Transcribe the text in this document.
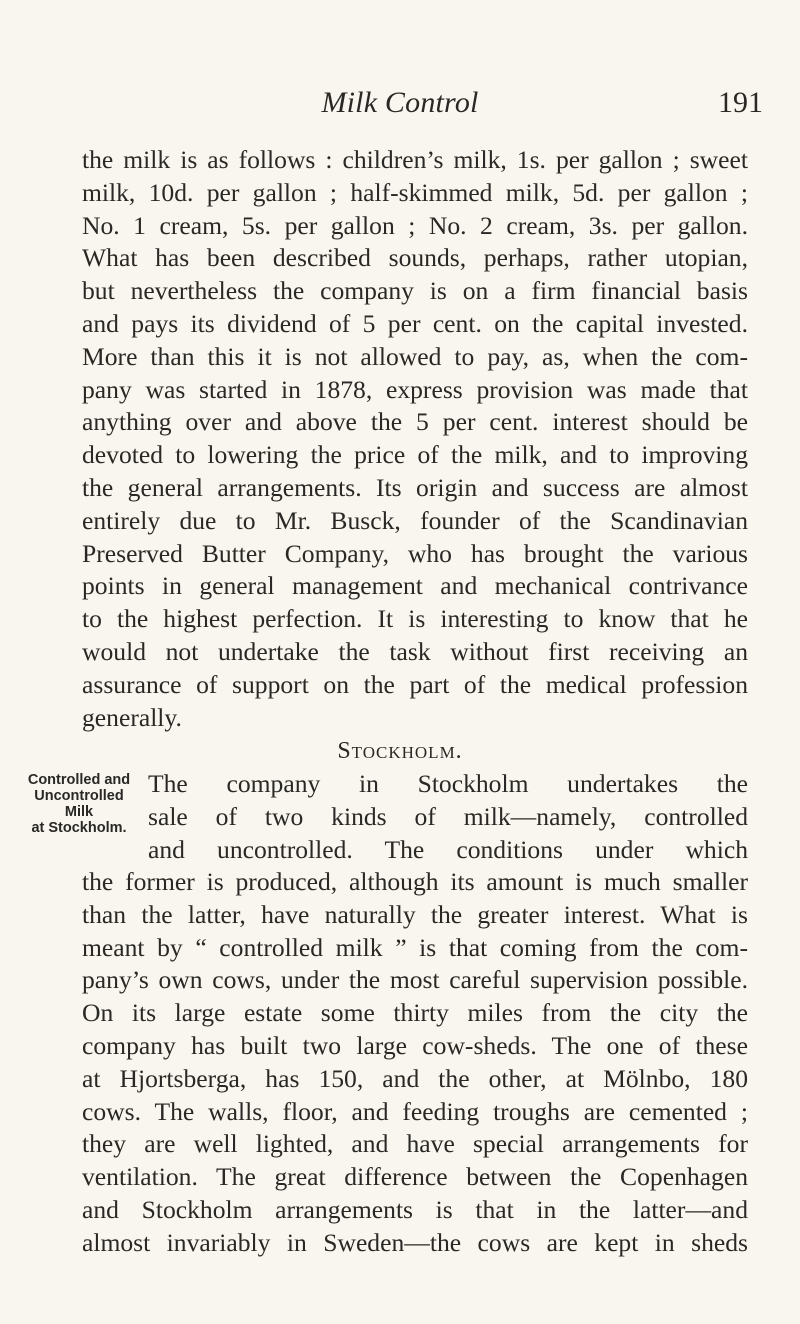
Milk Control	191
the milk is as follows : children’s milk, 1s. per gallon ; sweet
milk, 10d. per gallon ; half-skimmed milk, 5d. per gallon ;
No. 1 cream, 5s. per gallon ; No. 2 cream, 3s. per gallon.
What has been described sounds, perhaps, rather utopian,
but nevertheless the company is on a firm financial basis
and pays its dividend of 5 per cent. on the capital invested.
More than this it is not allowed to pay, as, when the com-
pany was started in 1878, express provision was made that
anything over and above the 5 per cent. interest should be
devoted to lowering the price of the milk, and to improving
the general arrangements. Its origin and success are almost
entirely due to Mr. Busck, founder of the Scandinavian
Preserved Butter Company, who has brought the various
points in general management and mechanical contrivance
to the highest perfection. It is interesting to know that he
would not undertake the task without first receiving an
assurance of support on the part of the medical profession
generally.
Stockholm.
Controlled and
Uncontrolled
Milk
at Stockholm.
The company in Stockholm undertakes the
sale of two kinds of milk—namely, controlled
and uncontrolled. The conditions under which
the former is produced, although its amount is much smaller
than the latter, have naturally the greater interest. What is
meant by “ controlled milk ” is that coming from the com-
pany’s own cows, under the most careful supervision possible.
On its large estate some thirty miles from the city the
company has built two large cow-sheds. The one of these
at Hjortsberga, has 150, and the other, at Mölnbo, 180
cows. The walls, floor, and feeding troughs are cemented ;
they are well lighted, and have special arrangements for
ventilation. The great difference between the Copenhagen
and Stockholm arrangements is that in the latter—and
almost invariably in Sweden—the cows are kept in sheds
